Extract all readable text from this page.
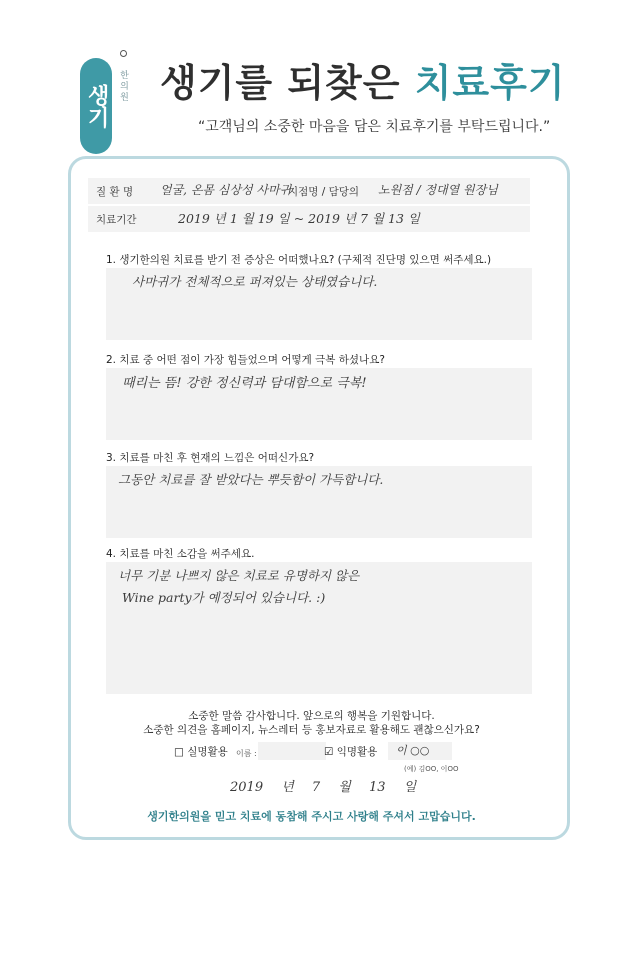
생기 한의원 생기를 되찾은 치료후기
“고객님의 소중한 마음을 담은 치료후기를 부탁드립니다.”
질 환 명 얼굴, 온몸 심상성 사마귀
지점명 / 담당의 노원점 / 정대열 원장님
치료기간	2019 년 1 월 19 일 ~ 2019 년 7 월 13 일
1. 생기한의원 치료를 받기 전 증상은 어떠했나요? (구체적 진단명 있으면 써주세요.)
사마귀가 전체적으로 퍼져있는 상태였습니다.
2. 치료 중 어떤 점이 가장 힘들었으며 어떻게 극복 하셨나요?
때리는 뜸! 강한 정신력과 담대함으로 극복!
3. 치료를 마친 후 현재의 느낌은 어떠신가요?
그동안 치료를 잘 받았다는 뿌듯함이 가득합니다.
4. 치료를 마친 소감을 써주세요.
너무 기분 나쁘지 않은 치료로 유명하지 않은
Wine party가 예정되어 있습니다. :)
소중한 말씀 감사합니다. 앞으로의 행복을 기원합니다.
소중한 의견을 홈페이지, 뉴스레터 등 홍보자료로 활용해도 괜찮으신가요?
□ 실명활용 이름 :	☑ 익명활용 이 ○○
(예) 김OO, 이OO
2019 년 7 월 13 일
생기한의원을 믿고 치료에 동참해 주시고 사랑해 주셔서 고맙습니다.
